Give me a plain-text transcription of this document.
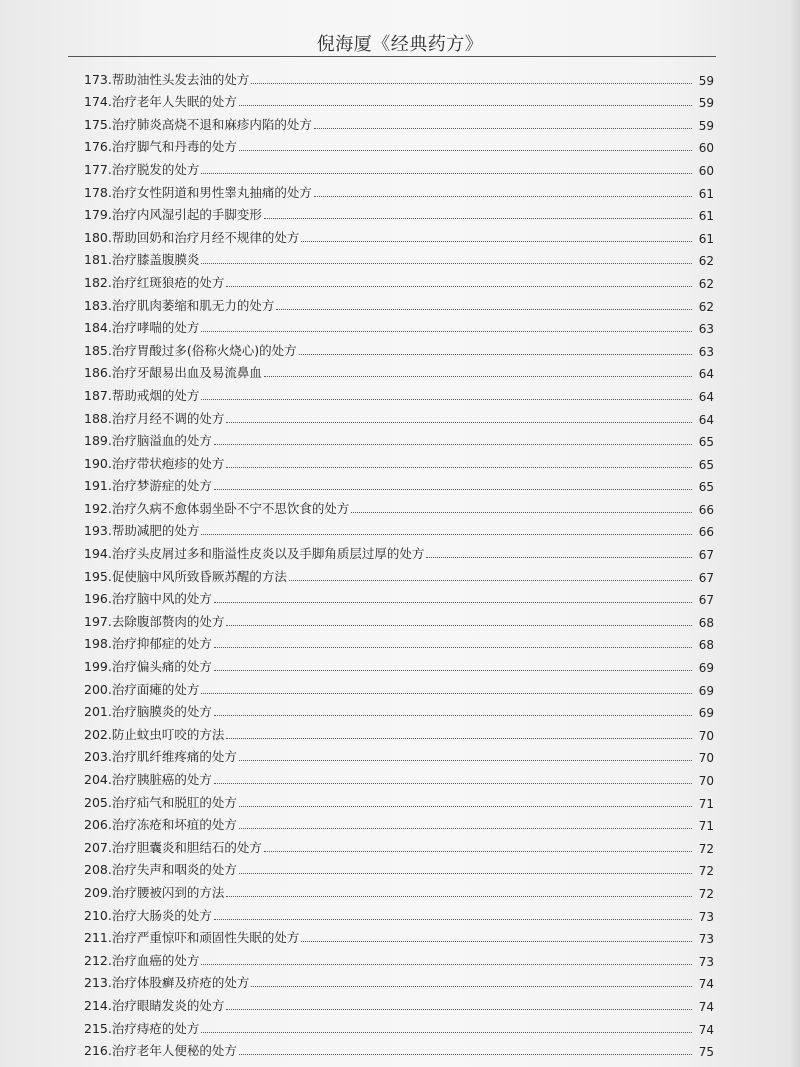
倪海厦《经典药方》
173.帮助油性头发去油的处方	59
174.治疗老年人失眠的处方	59
175.治疗肺炎高烧不退和麻疹内陷的处方	59
176.治疗脚气和丹毒的处方	60
177.治疗脱发的处方	60
178.治疗女性阴道和男性睾丸抽痛的处方	61
179.治疗内风湿引起的手脚变形	61
180.帮助回奶和治疗月经不规律的处方	61
181.治疗膝盖腹膜炎	62
182.治疗红斑狼疮的处方	62
183.治疗肌肉萎缩和肌无力的处方	62
184.治疗哮喘的处方	63
185.治疗胃酸过多(俗称火烧心)的处方	63
186.治疗牙龈易出血及易流鼻血	64
187.帮助戒烟的处方	64
188.治疗月经不调的处方	64
189.治疗脑溢血的处方	65
190.治疗带状疱疹的处方	65
191.治疗梦游症的处方	65
192.治疗久病不愈体弱坐卧不宁不思饮食的处方	66
193.帮助减肥的处方	66
194.治疗头皮屑过多和脂溢性皮炎以及手脚角质层过厚的处方	67
195.促使脑中风所致昏厥苏醒的方法	67
196.治疗脑中风的处方	67
197.去除腹部赘肉的处方	68
198.治疗抑郁症的处方	68
199.治疗偏头痛的处方	69
200.治疗面瘫的处方	69
201.治疗脑膜炎的处方	69
202.防止蚊虫叮咬的方法	70
203.治疗肌纤维疼痛的处方	70
204.治疗胰脏癌的处方	70
205.治疗疝气和脱肛的处方	71
206.治疗冻疮和坏疽的处方	71
207.治疗胆囊炎和胆结石的处方	72
208.治疗失声和咽炎的处方	72
209.治疗腰被闪到的方法	72
210.治疗大肠炎的处方	73
211.治疗严重惊吓和顽固性失眠的处方	73
212.治疗血癌的处方	73
213.治疗体股癣及疥疮的处方	74
214.治疗眼睛发炎的处方	74
215.治疗痔疮的处方	74
216.治疗老年人便秘的处方	75
